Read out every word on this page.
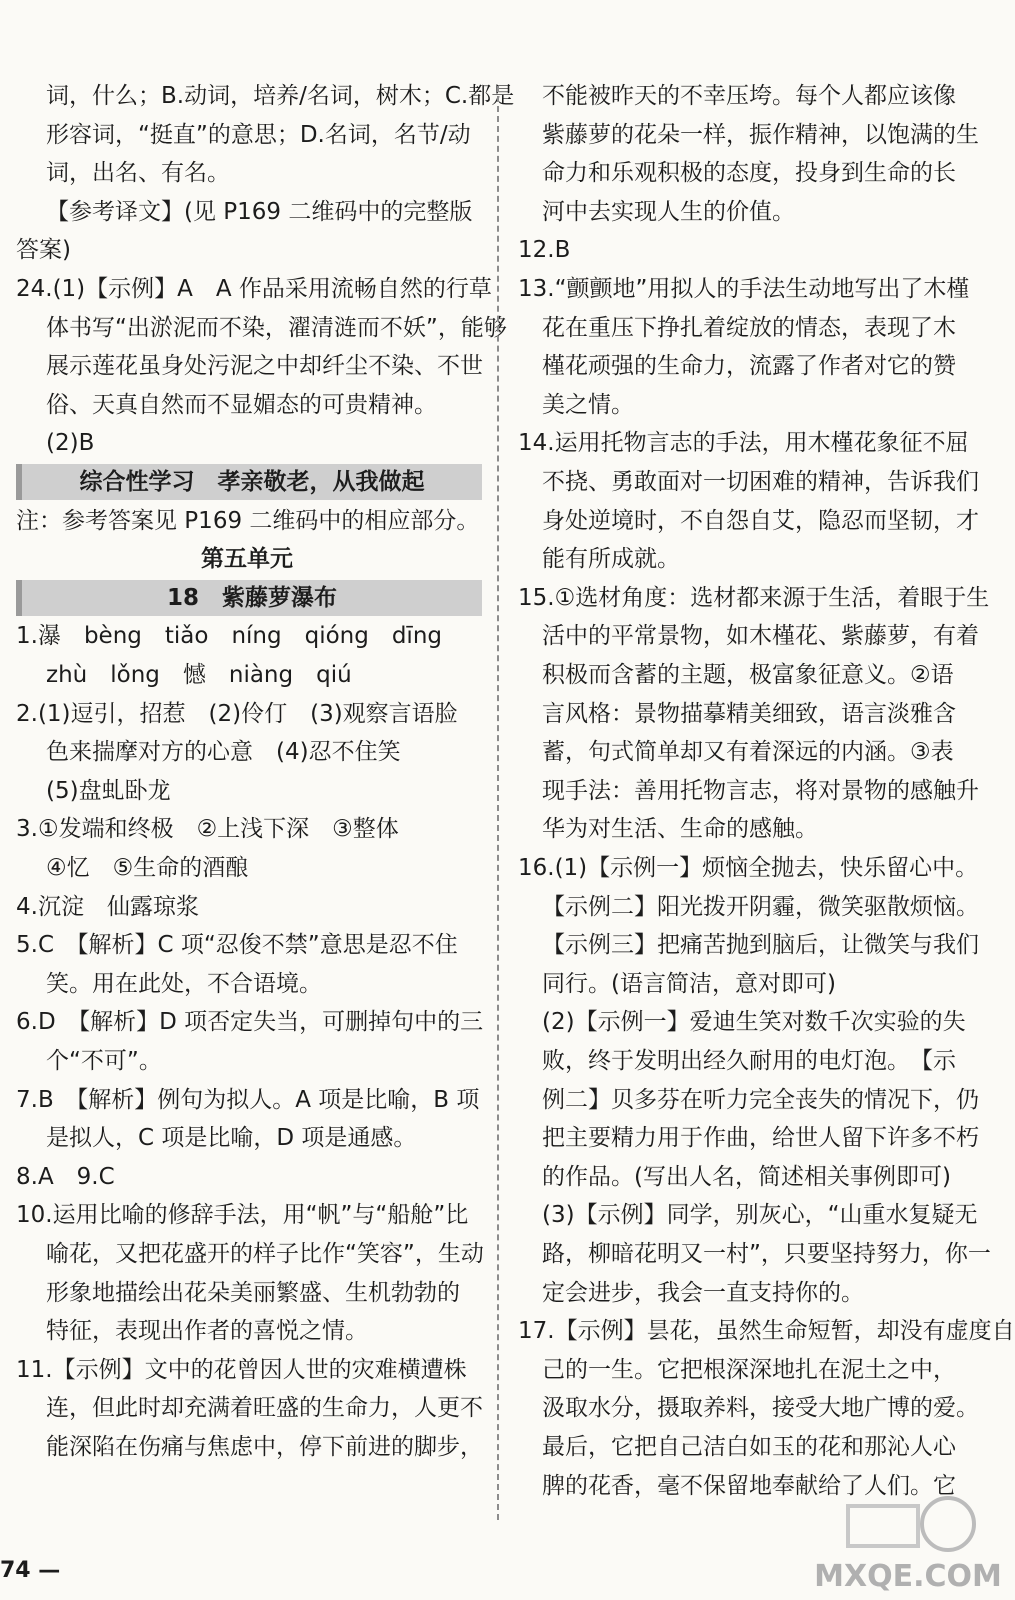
词，什么；B.动词，培养/名词，树木；C.都是
形容词，“挺直”的意思；D.名词，名节/动
词，出名、有名。
【参考译文】(见 P169 二维码中的完整版
答案)
24.(1)【示例】A　A 作品采用流畅自然的行草
体书写“出淤泥而不染，濯清涟而不妖”，能够
展示莲花虽身处污泥之中却纤尘不染、不世
俗、天真自然而不显媚态的可贵精神。
(2)B
综合性学习　孝亲敬老，从我做起
注：参考答案见 P169 二维码中的相应部分。
第五单元
18　紫藤萝瀑布
1.瀑　bèng　tiǎo　níng　qióng　dīng
zhù　lǒng　憾　niàng　qiú
2.(1)逗引，招惹　(2)伶仃　(3)观察言语脸
色来揣摩对方的心意　(4)忍不住笑
(5)盘虬卧龙
3.①发端和终极　②上浅下深　③整体
④忆　⑤生命的酒酿
4.沉淀　仙露琼浆
5.C　【解析】C 项“忍俊不禁”意思是忍不住
笑。用在此处，不合语境。
6.D　【解析】D 项否定失当，可删掉句中的三
个“不可”。
7.B　【解析】例句为拟人。A 项是比喻，B 项
是拟人，C 项是比喻，D 项是通感。
8.A　9.C
10.运用比喻的修辞手法，用“帆”与“船舱”比
喻花，又把花盛开的样子比作“笑容”，生动
形象地描绘出花朵美丽繁盛、生机勃勃的
特征，表现出作者的喜悦之情。
11.【示例】文中的花曾因人世的灾难横遭株
连，但此时却充满着旺盛的生命力，人更不
能深陷在伤痛与焦虑中，停下前进的脚步，
不能被昨天的不幸压垮。每个人都应该像
紫藤萝的花朵一样，振作精神，以饱满的生
命力和乐观积极的态度，投身到生命的长
河中去实现人生的价值。
12.B
13.“颤颤地”用拟人的手法生动地写出了木槿
花在重压下挣扎着绽放的情态，表现了木
槿花顽强的生命力，流露了作者对它的赞
美之情。
14.运用托物言志的手法，用木槿花象征不屈
不挠、勇敢面对一切困难的精神，告诉我们
身处逆境时，不自怨自艾，隐忍而坚韧，才
能有所成就。
15.①选材角度：选材都来源于生活，着眼于生
活中的平常景物，如木槿花、紫藤萝，有着
积极而含蓄的主题，极富象征意义。②语
言风格：景物描摹精美细致，语言淡雅含
蓄，句式简单却又有着深远的内涵。③表
现手法：善用托物言志，将对景物的感触升
华为对生活、生命的感触。
16.(1)【示例一】烦恼全抛去，快乐留心中。
【示例二】阳光拨开阴霾，微笑驱散烦恼。
【示例三】把痛苦抛到脑后，让微笑与我们
同行。(语言简洁，意对即可)
(2)【示例一】爱迪生笑对数千次实验的失
败，终于发明出经久耐用的电灯泡。　【示
例二】贝多芬在听力完全丧失的情况下，仍
把主要精力用于作曲，给世人留下许多不朽
的作品。(写出人名，简述相关事例即可)
(3)【示例】同学，别灰心，“山重水复疑无
路，柳暗花明又一村”，只要坚持努力，你一
定会进步，我会一直支持你的。
17.【示例】昙花，虽然生命短暂，却没有虚度自
己的一生。它把根深深地扎在泥土之中，
汲取水分，摄取养料，接受大地广博的爱。
最后，它把自己洁白如玉的花和那沁人心
脾的花香，毫不保留地奉献给了人们。它
74 —	MXQE.COM
